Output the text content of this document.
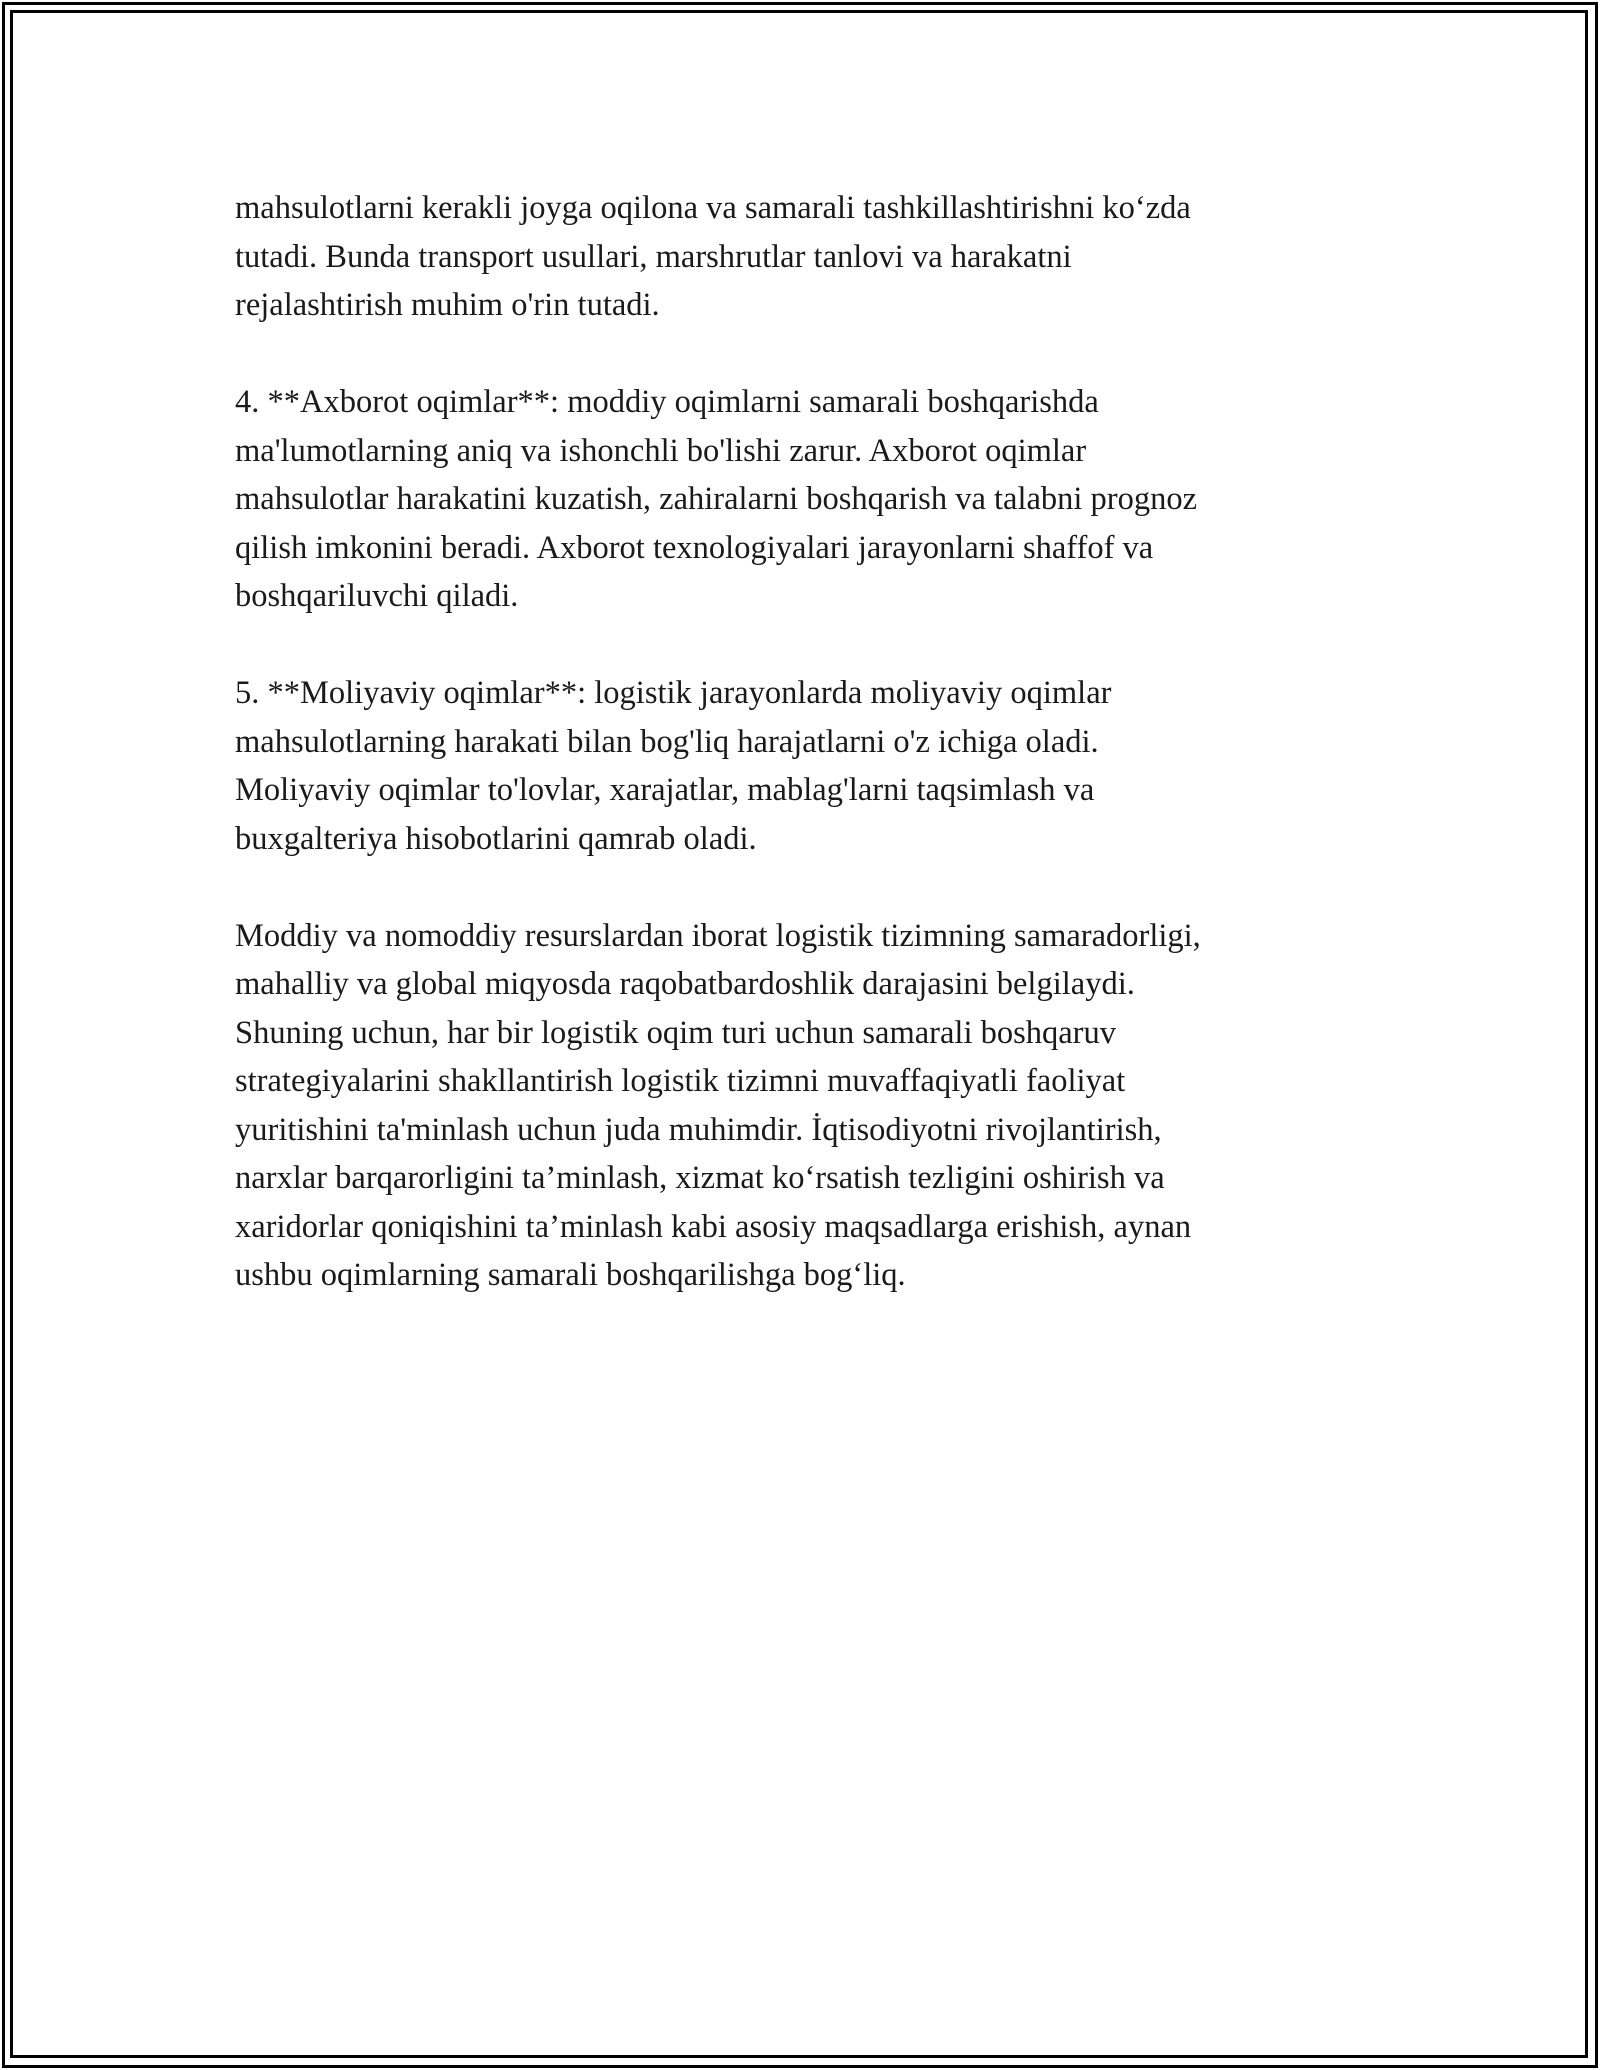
mahsulotlarni kerakli joyga oqilona va samarali tashkillashtirishni ko‘zda
tutadi. Bunda transport usullari, marshrutlar tanlovi va harakatni
rejalashtirish muhim o'rin tutadi.

4. **Axborot oqimlar**: moddiy oqimlarni samarali boshqarishda
ma'lumotlarning aniq va ishonchli bo'lishi zarur. Axborot oqimlar
mahsulotlar harakatini kuzatish, zahiralarni boshqarish va talabni prognoz
qilish imkonini beradi. Axborot texnologiyalari jarayonlarni shaffof va
boshqariluvchi qiladi.

5. **Moliyaviy oqimlar**: logistik jarayonlarda moliyaviy oqimlar
mahsulotlarning harakati bilan bog'liq harajatlarni o'z ichiga oladi.
Moliyaviy oqimlar to'lovlar, xarajatlar, mablag'larni taqsimlash va
buxgalteriya hisobotlarini qamrab oladi.

Moddiy va nomoddiy resurslardan iborat logistik tizimning samaradorligi,
mahalliy va global miqyosda raqobatbardoshlik darajasini belgilaydi.
Shuning uchun, har bir logistik oqim turi uchun samarali boshqaruv
strategiyalarini shakllantirish logistik tizimni muvaffaqiyatli faoliyat
yuritishini ta'minlash uchun juda muhimdir. İqtisodiyotni rivojlantirish,
narxlar barqarorligini ta’minlash, xizmat ko‘rsatish tezligini oshirish va
xaridorlar qoniqishini ta’minlash kabi asosiy maqsadlarga erishish, aynan
ushbu oqimlarning samarali boshqarilishga bog‘liq.
